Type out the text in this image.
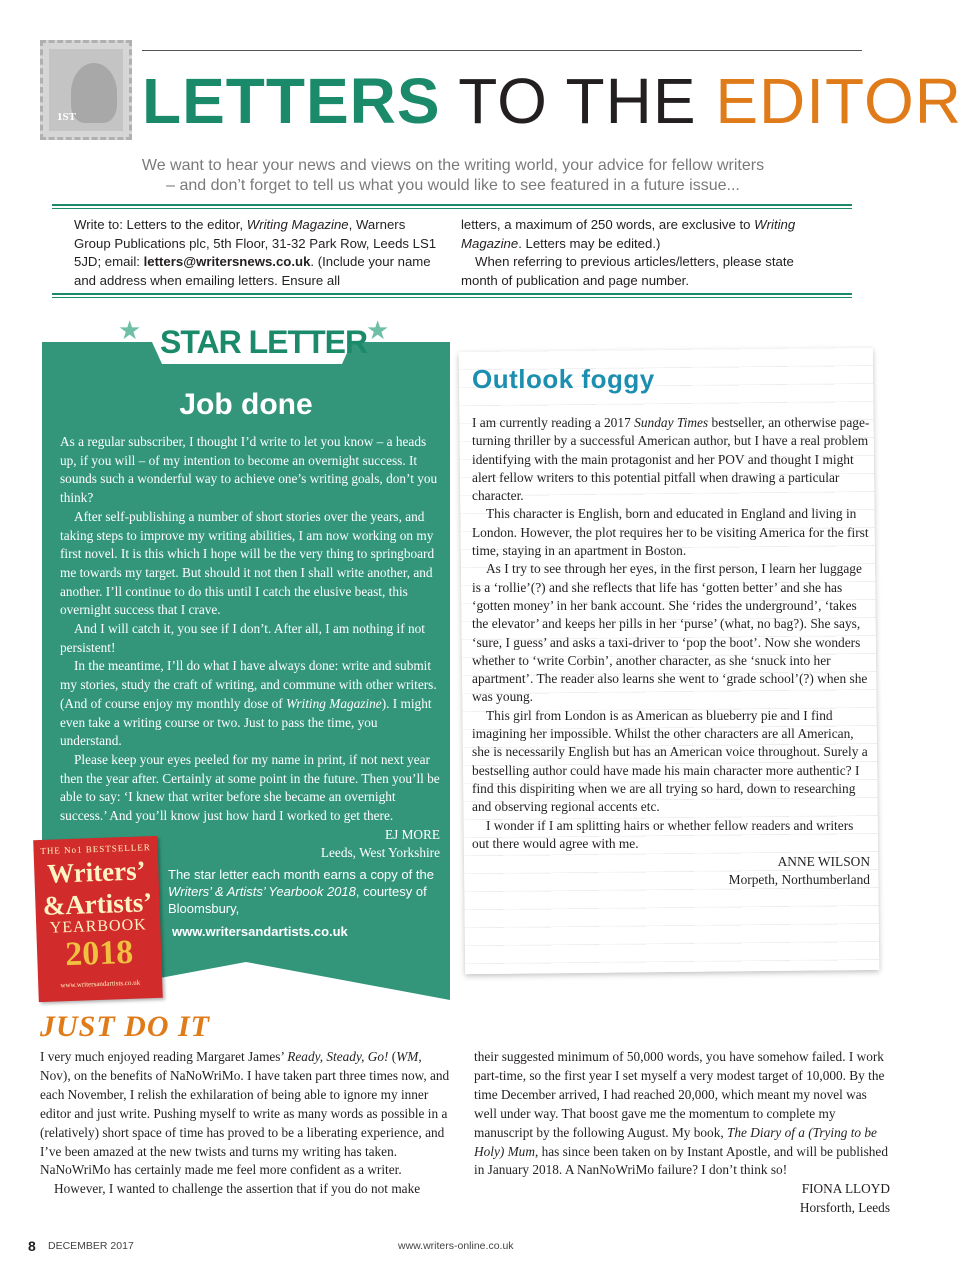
1ST LETTERS TO THE EDITOR
We want to hear your news and views on the writing world, your advice for fellow writers
– and don’t forget to tell us what you would like to see featured in a future issue...

Write to: Letters to the editor, Writing Magazine, Warners Group Publications plc, 5th Floor, 31-32 Park Row, Leeds LS1 5JD; email: letters@writersnews.co.uk. (Include your name and address when emailing letters. Ensure all

letters, a maximum of 250 words, are exclusive to Writing Magazine. Letters may be edited.)

When referring to previous articles/letters, please state month of publication and page number.

★	★
STAR LETTER
Job done

As a regular subscriber, I thought I’d write to let you know – a heads up, if you will – of my intention to become an overnight success. It sounds such a wonderful way to achieve one’s writing goals, don’t you think?

After self-publishing a number of short stories over the years, and taking steps to improve my writing abilities, I am now working on my first novel. It is this which I hope will be the very thing to springboard me towards my target. But should it not then I shall write another, and another. I’ll continue to do this until I catch the elusive beast, this overnight success that I crave.

And I will catch it, you see if I don’t. After all, I am nothing if not persistent!

In the meantime, I’ll do what I have always done: write and submit my stories, study the craft of writing, and commune with other writers. (And of course enjoy my monthly dose of Writing Magazine). I might even take a writing course or two. Just to pass the time, you understand.

Please keep your eyes peeled for my name in print, if not next year then the year after. Certainly at some point in the future. Then you’ll be able to say: ‘I knew that writer before she became an overnight success.’ And you’ll know just how hard I worked to get there.

EJ MORE
Leeds, West Yorkshire
THE No1 BESTSELLER
Writers’
&Artists’
YEARBOOK
2018
www.writersandartists.co.uk
The star letter each month earns a copy of the Writers’ & Artists’ Yearbook 2018, courtesy of Bloomsbury,
www.writersandartists.co.uk
Outlook foggy

I am currently reading a 2017 Sunday Times bestseller, an otherwise page-turning thriller by a successful American author, but I have a real problem identifying with the main protagonist and her POV and thought I might alert fellow writers to this potential pitfall when drawing a particular character.

This character is English, born and educated in England and living in London. However, the plot requires her to be visiting America for the first time, staying in an apartment in Boston.

As I try to see through her eyes, in the first person, I learn her luggage is a ‘rollie’(?) and she reflects that life has ‘gotten better’ and she has ‘gotten money’ in her bank account. She ‘rides the underground’, ‘takes the elevator’ and keeps her pills in her ‘purse’ (what, no bag?). She says, ‘sure, I guess’ and asks a taxi-driver to ‘pop the boot’. Now she wonders whether to ‘write Corbin’, another character, as she ‘snuck into her apartment’. The reader also learns she went to ‘grade school’(?) when she was young.

This girl from London is as American as blueberry pie and I find imagining her impossible. Whilst the other characters are all American, she is necessarily English but has an American voice throughout. Surely a bestselling author could have made his main character more authentic? I find this dispiriting when we are all trying so hard, down to researching and observing regional accents etc.

I wonder if I am splitting hairs or whether fellow readers and writers out there would agree with me.

ANNE WILSON
Morpeth, Northumberland
JUST DO IT

I very much enjoyed reading Margaret James’ Ready, Steady, Go! (WM, Nov), on the benefits of NaNoWriMo. I have taken part three times now, and each November, I relish the exhilaration of being able to ignore my inner editor and just write. Pushing myself to write as many words as possible in a (relatively) short space of time has proved to be a liberating experience, and I’ve been amazed at the new twists and turns my writing has taken. NaNoWriMo has certainly made me feel more confident as a writer.

However, I wanted to challenge the assertion that if you do not make

their suggested minimum of 50,000 words, you have somehow failed. I work part-time, so the first year I set myself a very modest target of 10,000. By the time December arrived, I had reached 20,000, which meant my novel was well under way. That boost gave me the momentum to complete my manuscript by the following August. My book, The Diary of a (Trying to be Holy) Mum, has since been taken on by Instant Apostle, and will be published in January 2018. A NanNoWriMo failure? I don’t think so!

FIONA LLOYD
Horsforth, Leeds
8 DECEMBER 2017	www.writers-online.co.uk
